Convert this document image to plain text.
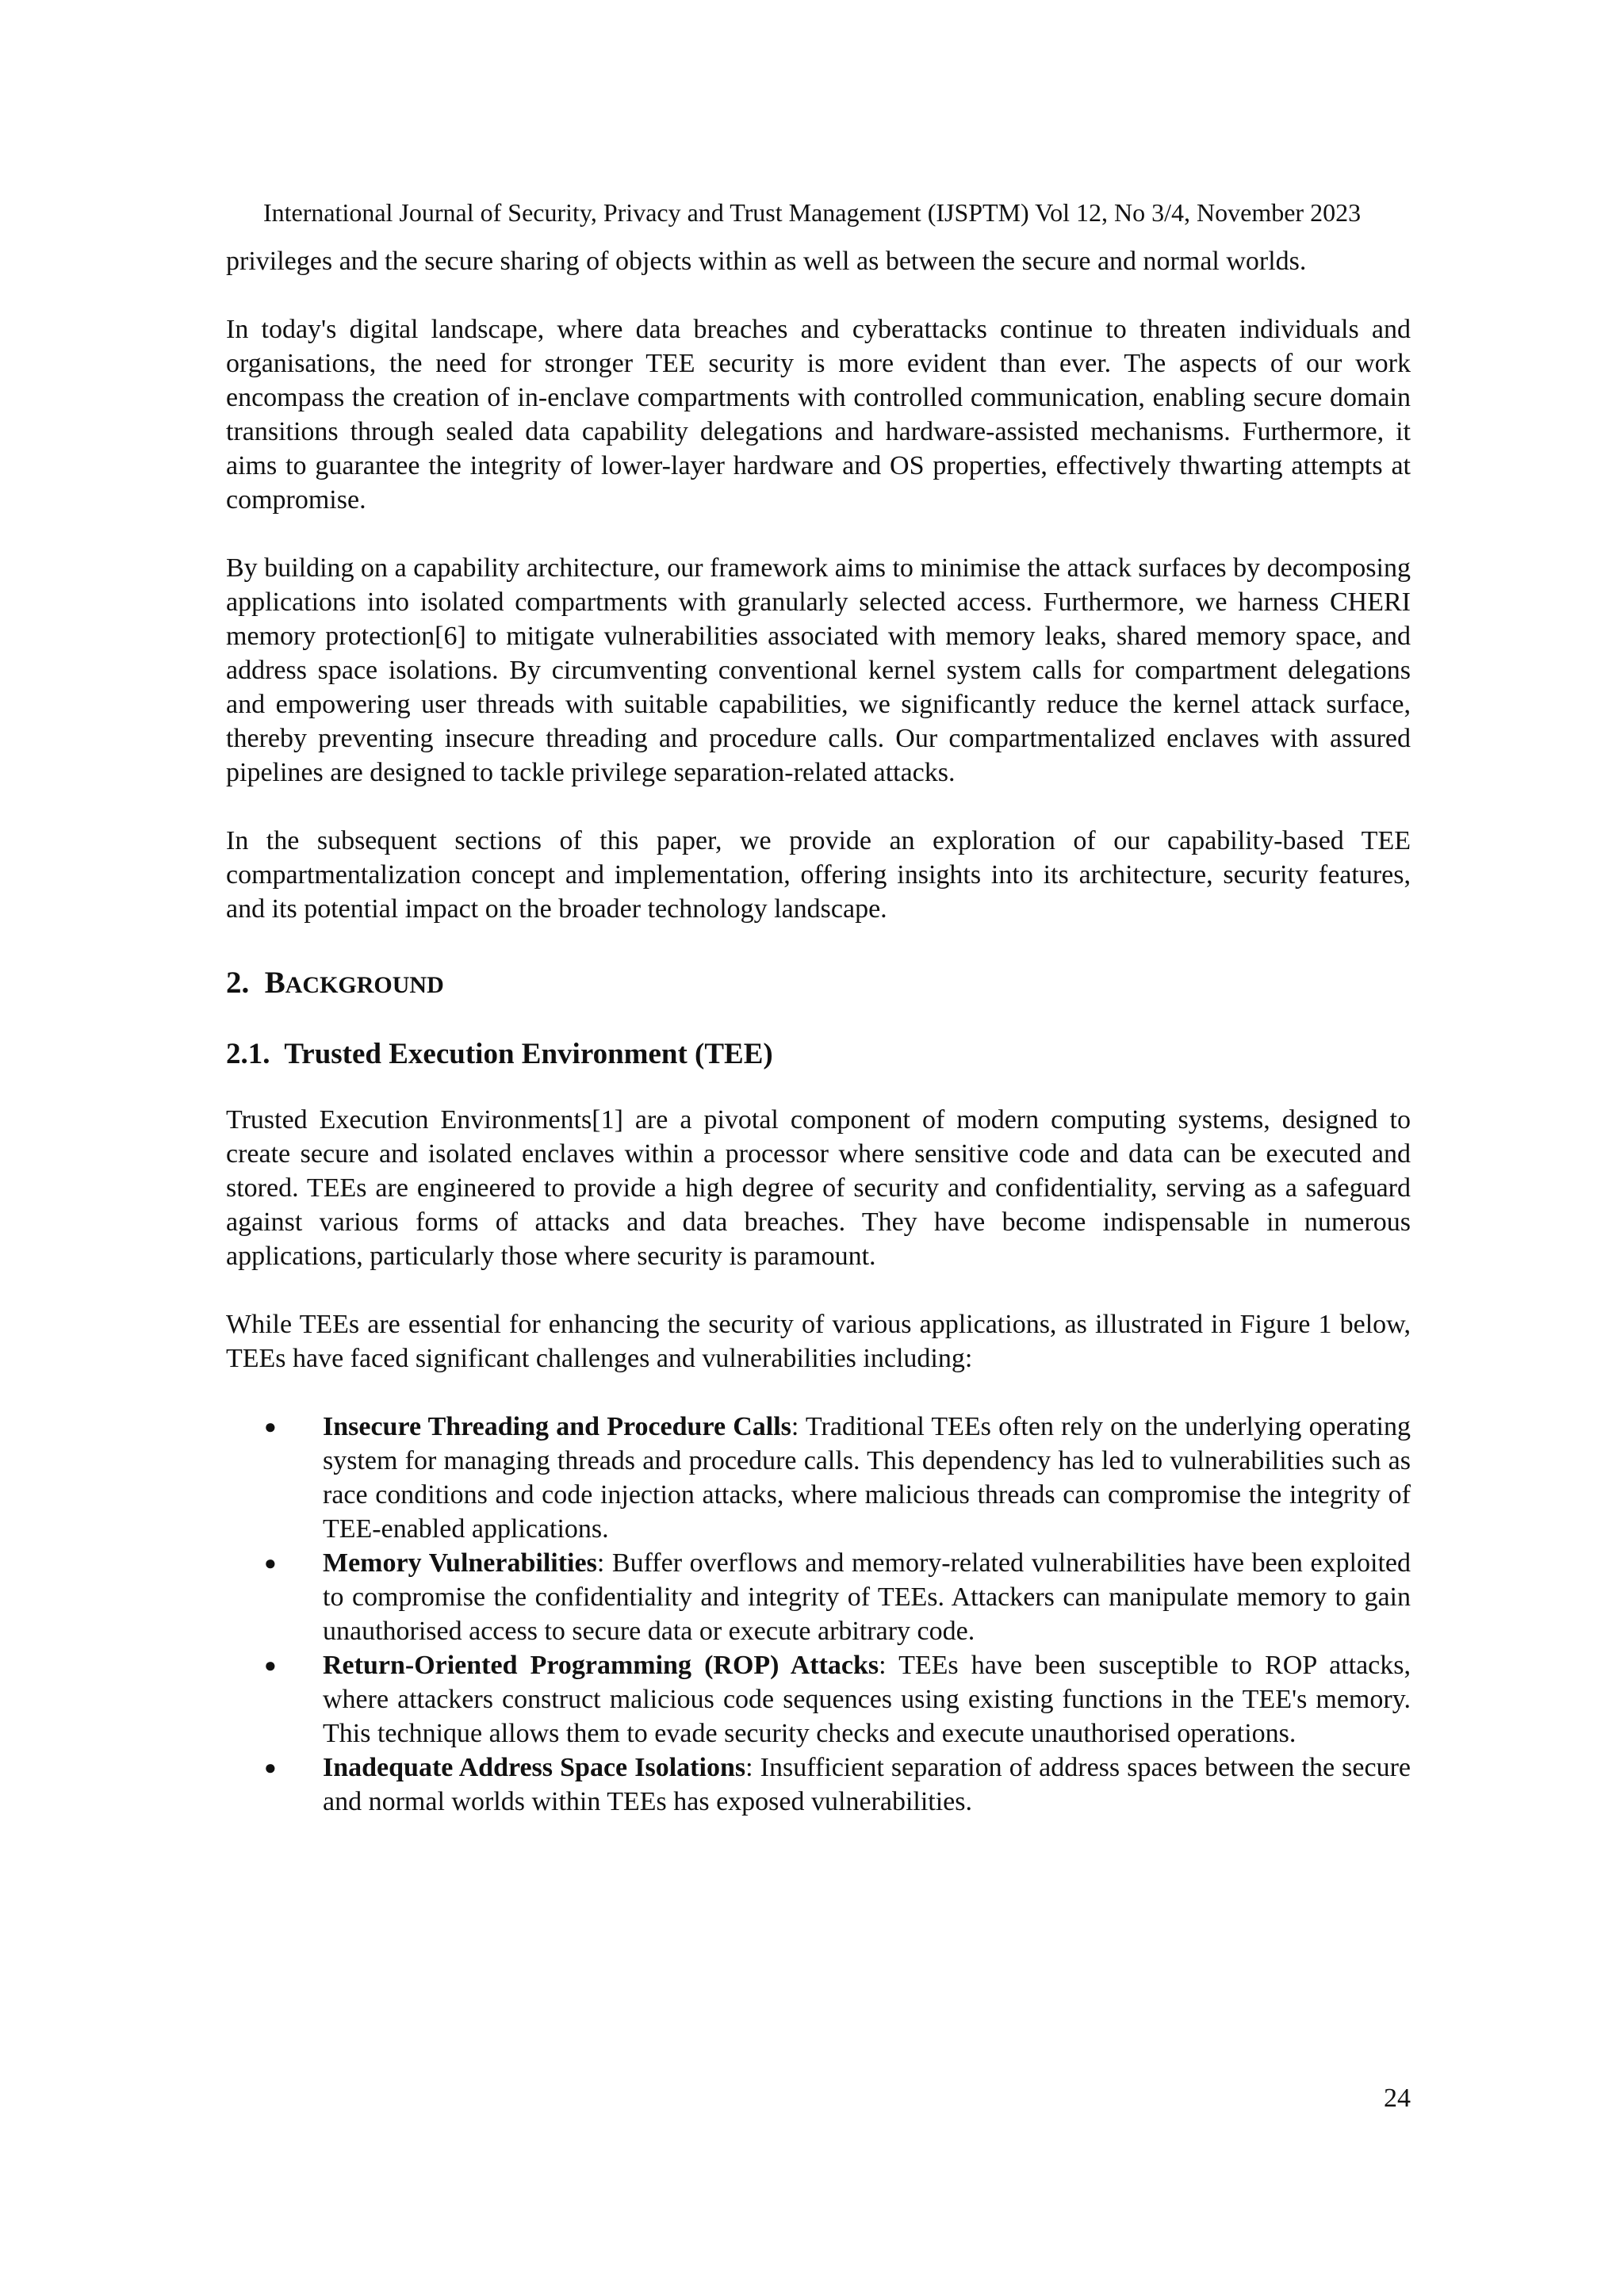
International Journal of Security, Privacy and Trust Management (IJSPTM) Vol 12, No 3/4, November 2023

privileges and the secure sharing of objects within as well as between the secure and normal worlds.

In today's digital landscape, where data breaches and cyberattacks continue to threaten individuals and organisations, the need for stronger TEE security is more evident than ever. The aspects of our work encompass the creation of in-enclave compartments with controlled communication, enabling secure domain transitions through sealed data capability delegations and hardware-assisted mechanisms. Furthermore, it aims to guarantee the integrity of lower-layer hardware and OS properties, effectively thwarting attempts at compromise.

By building on a capability architecture, our framework aims to minimise the attack surfaces by decomposing applications into isolated compartments with granularly selected access. Furthermore, we harness CHERI memory protection[6] to mitigate vulnerabilities associated with memory leaks, shared memory space, and address space isolations. By circumventing conventional kernel system calls for compartment delegations and empowering user threads with suitable capabilities, we significantly reduce the kernel attack surface, thereby preventing insecure threading and procedure calls. Our compartmentalized enclaves with assured pipelines are designed to tackle privilege separation-related attacks.

In the subsequent sections of this paper, we provide an exploration of our capability-based TEE compartmentalization concept and implementation, offering insights into its architecture, security features, and its potential impact on the broader technology landscape.

2. BACKGROUND
2.1. Trusted Execution Environment (TEE)

Trusted Execution Environments[1] are a pivotal component of modern computing systems, designed to create secure and isolated enclaves within a processor where sensitive code and data can be executed and stored. TEEs are engineered to provide a high degree of security and confidentiality, serving as a safeguard against various forms of attacks and data breaches. They have become indispensable in numerous applications, particularly those where security is paramount.

While TEEs are essential for enhancing the security of various applications, as illustrated in Figure 1 below, TEEs have faced significant challenges and vulnerabilities including:

● Insecure Threading and Procedure Calls: Traditional TEEs often rely on the underlying operating system for managing threads and procedure calls. This dependency has led to vulnerabilities such as race conditions and code injection attacks, where malicious threads can compromise the integrity of TEE-enabled applications.
● Memory Vulnerabilities: Buffer overflows and memory-related vulnerabilities have been exploited to compromise the confidentiality and integrity of TEEs. Attackers can manipulate memory to gain unauthorised access to secure data or execute arbitrary code.
● Return-Oriented Programming (ROP) Attacks: TEEs have been susceptible to ROP attacks, where attackers construct malicious code sequences using existing functions in the TEE's memory. This technique allows them to evade security checks and execute unauthorised operations.
● Inadequate Address Space Isolations: Insufficient separation of address spaces between the secure and normal worlds within TEEs has exposed vulnerabilities.
24
